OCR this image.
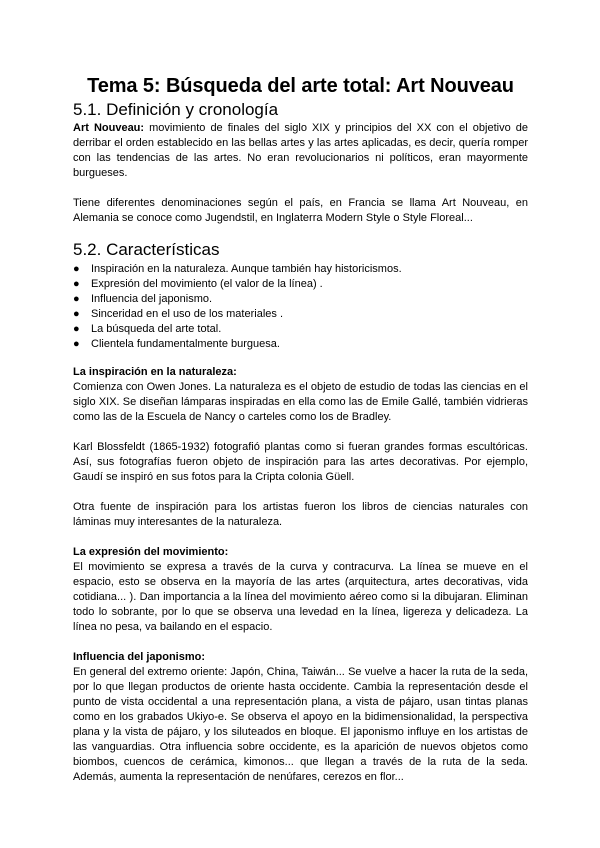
Tema 5: Búsqueda del arte total: Art Nouveau
5.1. Definición y cronología

Art Nouveau: movimiento de finales del siglo XIX y principios del XX con el objetivo de derribar el orden establecido en las bellas artes y las artes aplicadas, es decir, quería romper con las tendencias de las artes. No eran revolucionarios ni políticos, eran mayormente burgueses.

Tiene diferentes denominaciones según el país, en Francia se llama Art Nouveau, en Alemania se conoce como Jugendstil, en Inglaterra Modern Style o Style Floreal...

5.2. Características
● Inspiración en la naturaleza. Aunque también hay historicismos.
● Expresión del movimiento (el valor de la línea) .
● Influencia del japonismo.
● Sinceridad en el uso de los materiales .
● La búsqueda del arte total.
● Clientela fundamentalmente burguesa.

La inspiración en la naturaleza:

Comienza con Owen Jones. La naturaleza es el objeto de estudio de todas las ciencias en el siglo XIX. Se diseñan lámparas inspiradas en ella como las de Emile Gallé, también vidrieras como las de la Escuela de Nancy o carteles como los de Bradley.

Karl Blossfeldt (1865-1932) fotografió plantas como si fueran grandes formas escultóricas. Así, sus fotografías fueron objeto de inspiración para las artes decorativas. Por ejemplo, Gaudí se inspiró en sus fotos para la Cripta colonia Güell.

Otra fuente de inspiración para los artistas fueron los libros de ciencias naturales con láminas muy interesantes de la naturaleza.

La expresión del movimiento:

El movimiento se expresa a través de la curva y contracurva. La línea se mueve en el espacio, esto se observa en la mayoría de las artes (arquitectura, artes decorativas, vida cotidiana... ). Dan importancia a la línea del movimiento aéreo como si la dibujaran. Eliminan todo lo sobrante, por lo que se observa una levedad en la línea, ligereza y delicadeza. La línea no pesa, va bailando en el espacio.

Influencia del japonismo:

En general del extremo oriente: Japón, China, Taiwán... Se vuelve a hacer la ruta de la seda, por lo que llegan productos de oriente hasta occidente. Cambia la representación desde el punto de vista occidental a una representación plana, a vista de pájaro, usan tintas planas como en los grabados Ukiyo-e. Se observa el apoyo en la bidimensionalidad, la perspectiva plana y la vista de pájaro, y los siluteados en bloque. El japonismo influye en los artistas de las vanguardias. Otra influencia sobre occidente, es la aparición de nuevos objetos como biombos, cuencos de cerámica, kimonos... que llegan a través de la ruta de la seda. Además, aumenta la representación de nenúfares, cerezos en flor...
